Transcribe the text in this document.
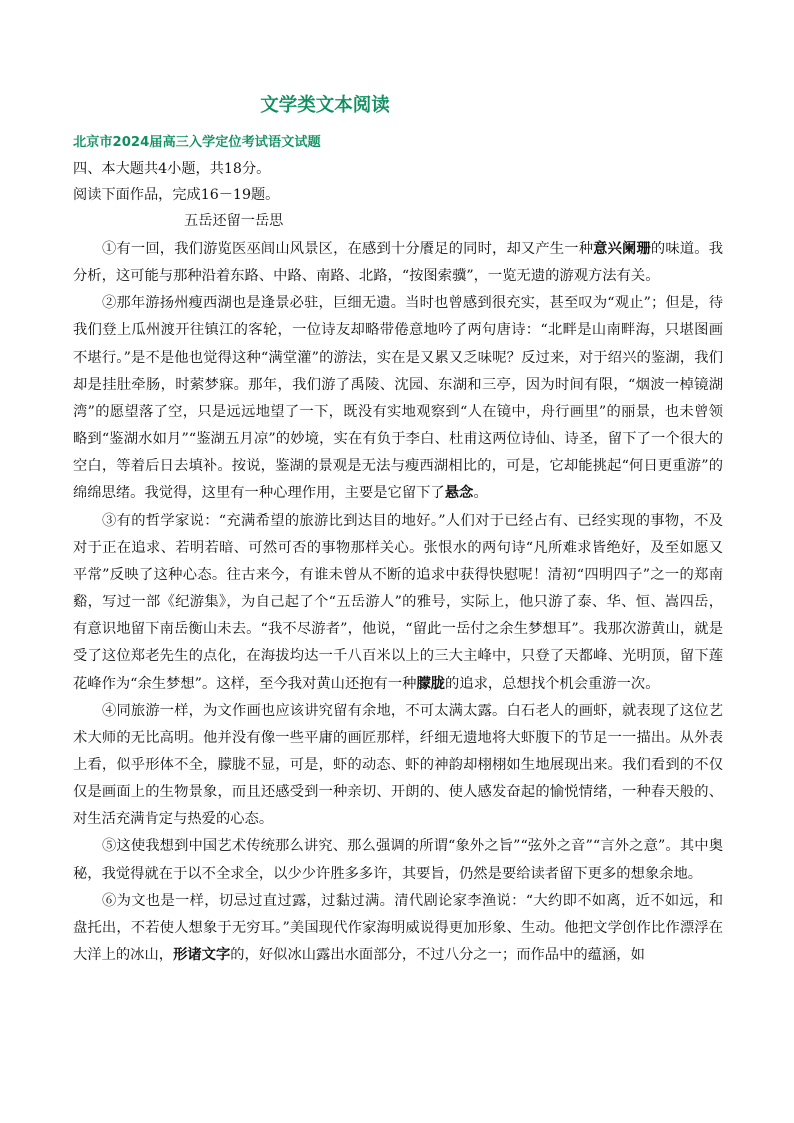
文学类文本阅读
北京市2024届高三入学定位考试语文试题
四、本大题共4小题，共18分。
阅读下面作品，完成16－19题。
五岳还留一岳思

①有一回，我们游览医巫闾山风景区，在感到十分餍足的同时，却又产生一种意兴阑珊的味道。我分析，这可能与那种沿着东路、中路、南路、北路，“按图索骥”，一览无遗的游观方法有关。

②那年游扬州瘦西湖也是逢景必驻，巨细无遗。当时也曾感到很充实，甚至叹为“观止”；但是，待我们登上瓜州渡开往镇江的客轮，一位诗友却略带倦意地吟了两句唐诗：“北畔是山南畔海，只堪图画不堪行。”是不是他也觉得这种“满堂灌”的游法，实在是又累又乏味呢？反过来，对于绍兴的鉴湖，我们却是挂肚牵肠，时萦梦寐。那年，我们游了禹陵、沈园、东湖和三亭，因为时间有限，“烟波一棹镜湖湾”的愿望落了空，只是远远地望了一下，既没有实地观察到“人在镜中，舟行画里”的丽景，也未曾领略到“鉴湖水如月”“鉴湖五月凉”的妙境，实在有负于李白、杜甫这两位诗仙、诗圣，留下了一个很大的空白，等着后日去填补。按说，鉴湖的景观是无法与瘦西湖相比的，可是，它却能挑起“何日更重游”的绵绵思绪。我觉得，这里有一种心理作用，主要是它留下了悬念。

③有的哲学家说：“充满希望的旅游比到达目的地好。”人们对于已经占有、已经实现的事物，不及对于正在追求、若明若暗、可然可否的事物那样关心。张恨水的两句诗“凡所难求皆绝好，及至如愿又平常”反映了这种心态。往古来今，有谁未曾从不断的追求中获得快慰呢！清初“四明四子”之一的郑南谿，写过一部《纪游集》，为自己起了个“五岳游人”的雅号，实际上，他只游了泰、华、恒、嵩四岳，有意识地留下南岳衡山未去。“我不尽游者”，他说，“留此一岳付之余生梦想耳”。我那次游黄山，就是受了这位郑老先生的点化，在海拔均达一千八百米以上的三大主峰中，只登了天都峰、光明顶，留下莲花峰作为“余生梦想”。这样，至今我对黄山还抱有一种朦胧的追求，总想找个机会重游一次。

④同旅游一样，为文作画也应该讲究留有余地，不可太满太露。白石老人的画虾，就表现了这位艺术大师的无比高明。他并没有像一些平庸的画匠那样，纤细无遗地将大虾腹下的节足一一描出。从外表上看，似乎形体不全，朦胧不显，可是，虾的动态、虾的神韵却栩栩如生地展现出来。我们看到的不仅仅是画面上的生物景象，而且还感受到一种亲切、开朗的、使人感发奋起的愉悦情绪，一种春天般的、对生活充满肯定与热爱的心态。

⑤这使我想到中国艺术传统那么讲究、那么强调的所谓“象外之旨”“弦外之音”“言外之意”。其中奥秘，我觉得就在于以不全求全，以少少许胜多多许，其要旨，仍然是要给读者留下更多的想象余地。

⑥为文也是一样，切忌过直过露，过黏过满。清代剧论家李渔说：“大约即不如离，近不如远，和盘托出，不若使人想象于无穷耳。”美国现代作家海明威说得更加形象、生动。他把文学创作比作漂浮在大洋上的冰山，形诸文字的，好似冰山露出水面部分，不过八分之一；而作品中的蕴涵，如
